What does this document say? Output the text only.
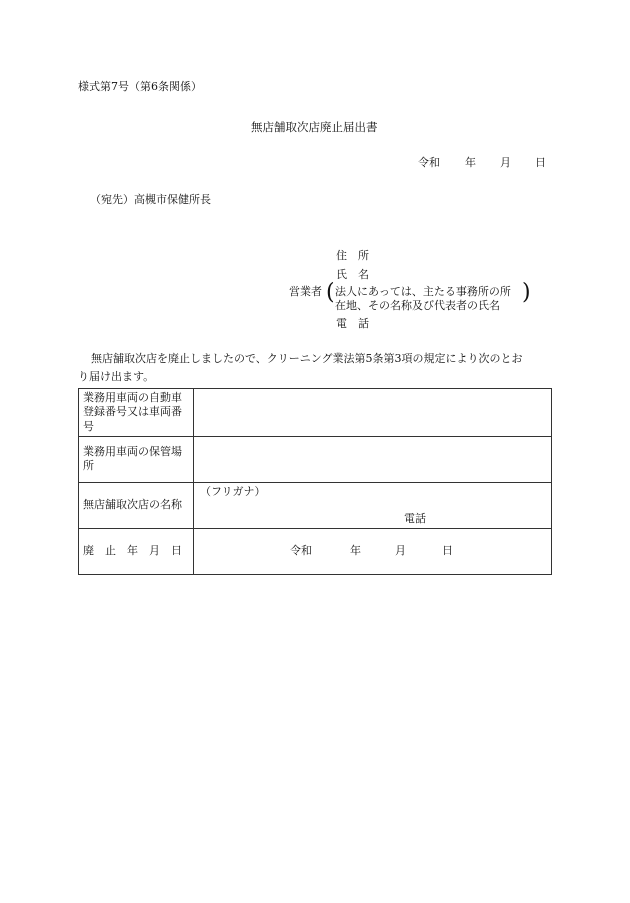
様式第7号（第6条関係）
無店舗取次店廃止届出書
令和 年 月 日
（宛先）高槻市保健所長
住　所
氏　名
営業者 ( 法人にあっては、主たる事務所の所
在地、その名称及び代表者の氏名
)
電　話
無店舗取次店を廃止しましたので、クリーニング業法第5条第3項の規定により次のとお
り届け出ます。
業務用車両の自動車登録番号又は車両番号	
業務用車両の保管場所	
無店舗取次店の名称	（フリガナ）
電話

廃　止　年　月　日	令和 年 月 日
